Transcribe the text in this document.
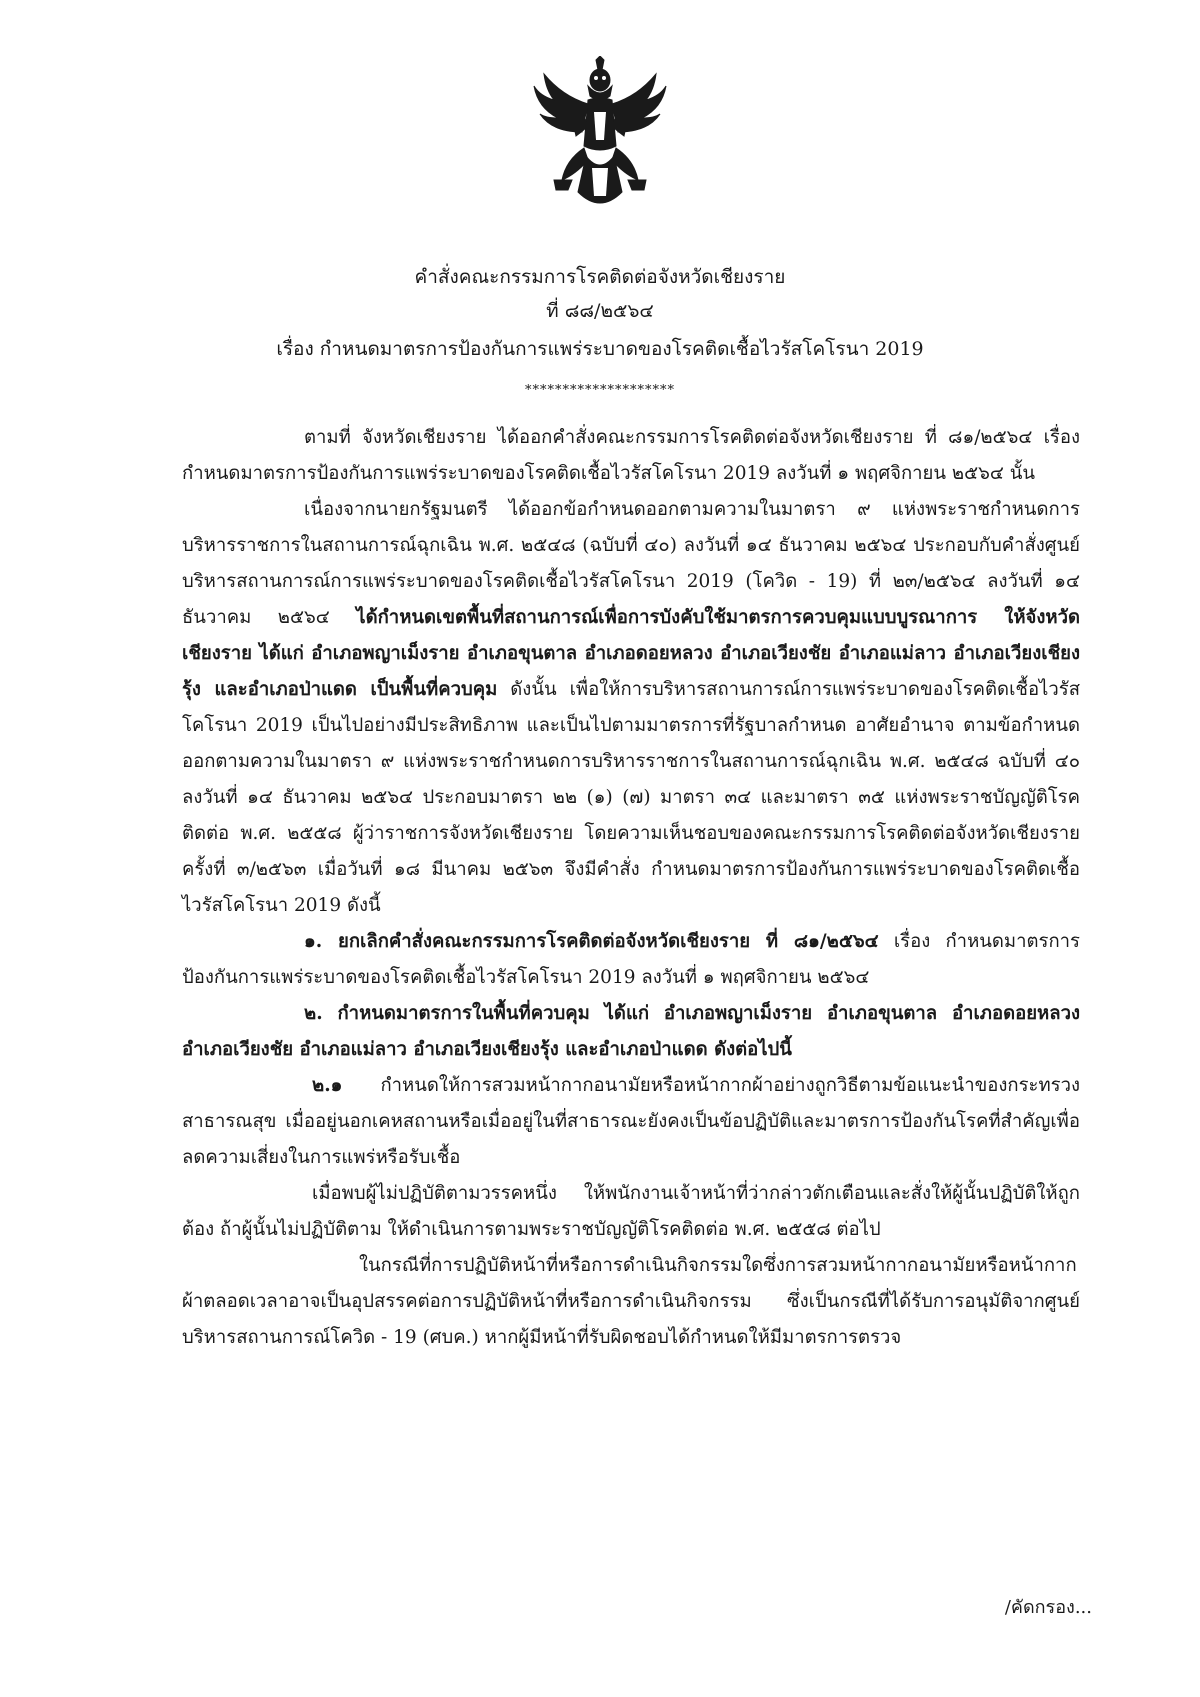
คำสั่งคณะกรรมการโรคติดต่อจังหวัดเชียงราย
ที่ ๘๘/๒๕๖๔
เรื่อง กำหนดมาตรการป้องกันการแพร่ระบาดของโรคติดเชื้อไวรัสโคโรนา 2019
********************

ตามที่ จังหวัดเชียงราย ได้ออกคำสั่งคณะกรรมการโรคติดต่อจังหวัดเชียงราย ที่ ๘๑/๒๕๖๔ เรื่อง กำหนดมาตรการป้องกันการแพร่ระบาดของโรคติดเชื้อไวรัสโคโรนา 2019 ลงวันที่ ๑ พฤศจิกายน ๒๕๖๔ นั้น

เนื่องจากนายกรัฐมนตรี ได้ออกข้อกำหนดออกตามความในมาตรา ๙ แห่งพระราชกำหนดการบริหารราชการในสถานการณ์ฉุกเฉิน พ.ศ. ๒๕๔๘ (ฉบับที่ ๔๐) ลงวันที่ ๑๔ ธันวาคม ๒๕๖๔ ประกอบกับคำสั่งศูนย์บริหารสถานการณ์การแพร่ระบาดของโรคติดเชื้อไวรัสโคโรนา 2019 (โควิด - 19) ที่ ๒๓/๒๕๖๔ ลงวันที่ ๑๔ ธันวาคม ๒๕๖๔ ได้กำหนดเขตพื้นที่สถานการณ์เพื่อการบังคับใช้มาตรการควบคุมแบบบูรณาการ ให้จังหวัดเชียงราย ได้แก่ อำเภอพญาเม็งราย อำเภอขุนตาล อำเภอดอยหลวง อำเภอเวียงชัย อำเภอแม่ลาว อำเภอเวียงเชียงรุ้ง และอำเภอป่าแดด เป็นพื้นที่ควบคุม ดังนั้น เพื่อให้การบริหารสถานการณ์การแพร่ระบาดของโรคติดเชื้อไวรัสโคโรนา 2019 เป็นไปอย่างมีประสิทธิภาพ และเป็นไปตามมาตรการที่รัฐบาลกำหนด อาศัยอำนาจ ตามข้อกำหนดออกตามความในมาตรา ๙ แห่งพระราชกำหนดการบริหารราชการในสถานการณ์ฉุกเฉิน พ.ศ. ๒๕๔๘ ฉบับที่ ๔๐ ลงวันที่ ๑๔ ธันวาคม ๒๕๖๔ ประกอบมาตรา ๒๒ (๑) (๗) มาตรา ๓๔ และมาตรา ๓๕ แห่งพระราชบัญญัติโรคติดต่อ พ.ศ. ๒๕๕๘ ผู้ว่าราชการจังหวัดเชียงราย โดยความเห็นชอบของคณะกรรมการโรคติดต่อจังหวัดเชียงราย ครั้งที่ ๓/๒๕๖๓ เมื่อวันที่ ๑๘ มีนาคม ๒๕๖๓ จึงมีคำสั่ง กำหนดมาตรการป้องกันการแพร่ระบาดของโรคติดเชื้อไวรัสโคโรนา 2019 ดังนี้

๑. ยกเลิกคำสั่งคณะกรรมการโรคติดต่อจังหวัดเชียงราย ที่ ๘๑/๒๕๖๔ เรื่อง กำหนดมาตรการป้องกันการแพร่ระบาดของโรคติดเชื้อไวรัสโคโรนา 2019 ลงวันที่ ๑ พฤศจิกายน ๒๕๖๔

๒. กำหนดมาตรการในพื้นที่ควบคุม ได้แก่ อำเภอพญาเม็งราย อำเภอขุนตาล อำเภอดอยหลวง อำเภอเวียงชัย อำเภอแม่ลาว อำเภอเวียงเชียงรุ้ง และอำเภอป่าแดด ดังต่อไปนี้

๒.๑ กำหนดให้การสวมหน้ากากอนามัยหรือหน้ากากผ้าอย่างถูกวิธีตามข้อแนะนำของกระทรวงสาธารณสุข เมื่ออยู่นอกเคหสถานหรือเมื่ออยู่ในที่สาธารณะยังคงเป็นข้อปฏิบัติและมาตรการป้องกันโรคที่สำคัญเพื่อลดความเสี่ยงในการแพร่หรือรับเชื้อ

เมื่อพบผู้ไม่ปฏิบัติตามวรรคหนึ่ง ให้พนักงานเจ้าหน้าที่ว่ากล่าวตักเตือนและสั่งให้ผู้นั้นปฏิบัติให้ถูกต้อง ถ้าผู้นั้นไม่ปฏิบัติตาม ให้ดำเนินการตามพระราชบัญญัติโรคติดต่อ พ.ศ. ๒๕๕๘ ต่อไป

ในกรณีที่การปฏิบัติหน้าที่หรือการดำเนินกิจกรรมใดซึ่งการสวมหน้ากากอนามัยหรือหน้ากากผ้าตลอดเวลาอาจเป็นอุปสรรคต่อการปฏิบัติหน้าที่หรือการดำเนินกิจกรรม ซึ่งเป็นกรณีที่ได้รับการอนุมัติจากศูนย์บริหารสถานการณ์โควิด - 19 (ศบค.) หากผู้มีหน้าที่รับผิดชอบได้กำหนดให้มีมาตรการตรวจ

/คัดกรอง...
